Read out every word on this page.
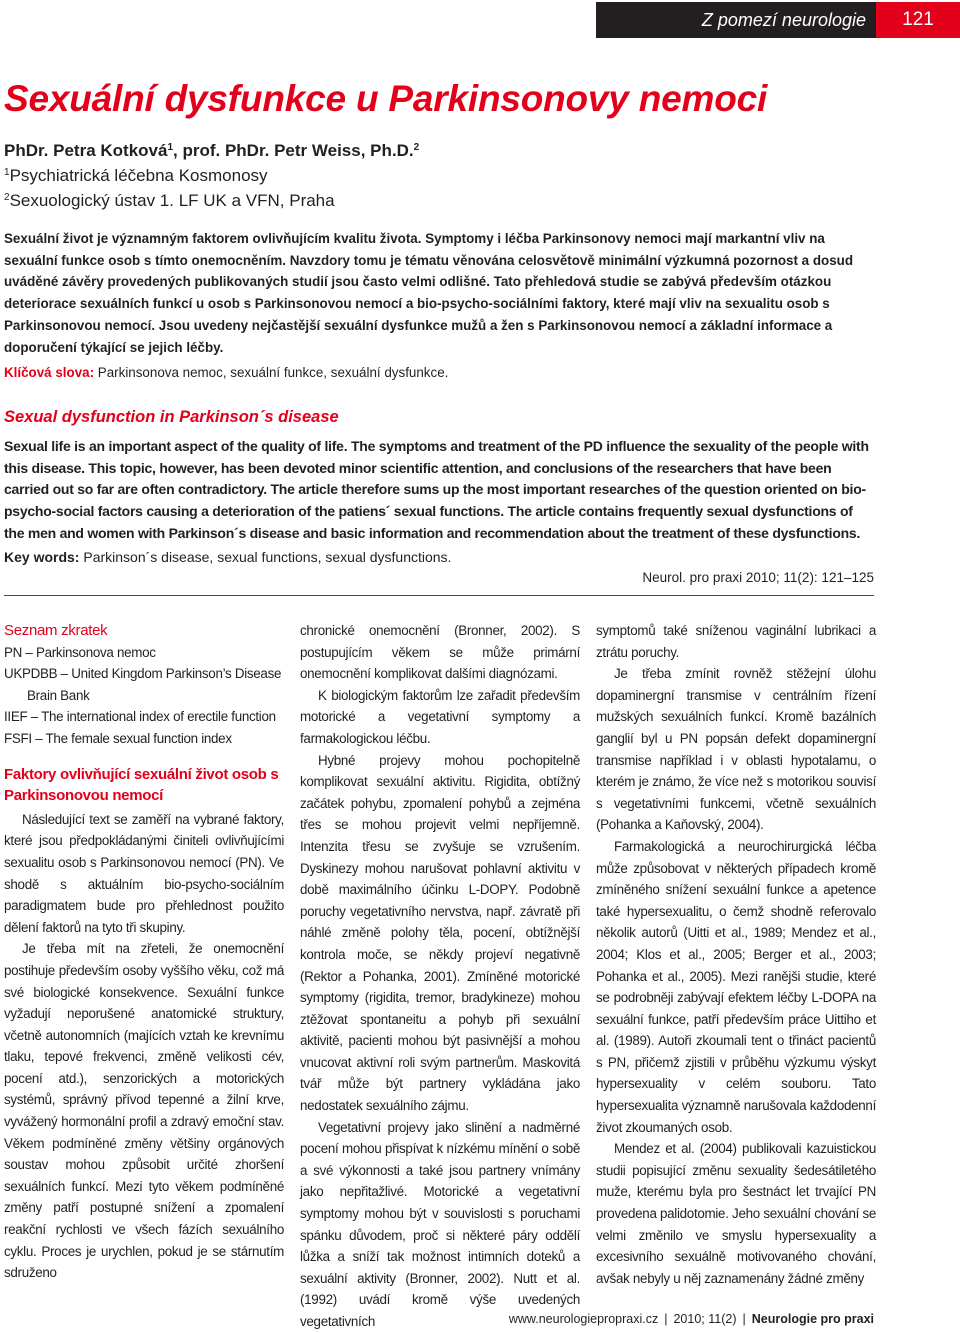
Z pomezí neurologie	121
Sexuální dysfunkce u Parkinsonovy nemoci
PhDr. Petra Kotková$^1$, prof. PhDr. Petr Weiss, Ph.D.$^2$
$^1$Psychiatrická léčebna Kosmonosy
$^2$Sexuologický ústav 1. LF UK a VFN, Praha
Sexuální život je významným faktorem ovlivňujícím kvalitu života. Symptomy i léčba Parkinsonovy nemoci mají markantní vliv na sexuální funkce osob s tímto onemocněním. Navzdory tomu je tématu věnována celosvětově minimální výzkumná pozornost a dosud uváděné závěry provedených publikovaných studií jsou často velmi odlišné. Tato přehledová studie se zabývá především otázkou deteriorace sexuálních funkcí u osob s Parkinsonovou nemocí a bio-psycho-sociálními faktory, které mají vliv na sexualitu osob s Parkinsonovou nemocí. Jsou uvedeny nejčastější sexuální dysfunkce mužů a žen s Parkinsonovou nemocí a základní informace a doporučení týkající se jejich léčby.
Klíčová slova: Parkinsonova nemoc, sexuální funkce, sexuální dysfunkce.
Sexual dysfunction in Parkinson´s disease
Sexual life is an important aspect of the quality of life. The symptoms and treatment of the PD influence the sexuality of the people with this disease. This topic, however, has been devoted minor scientific attention, and conclusions of the researchers that have been carried out so far are often contradictory. The article therefore sums up the most important researches of the question oriented on bio-psycho-social factors causing a deterioration of the patiens´ sexual functions. The article contains frequently sexual dysfunctions of the men and women with Parkinson´s disease and basic information and recommendation about the treatment of these dysfunctions.
Key words: Parkinson´s disease, sexual functions, sexual dysfunctions.
Neurol. pro praxi 2010; 11(2): 121–125
Seznam zkratek
PN – Parkinsonova nemoc
UKPDBB – United Kingdom Parkinson’s Disease Brain Bank
IIEF – The international index of erectile function
FSFI – The female sexual function index
Faktory ovlivňující sexuální život osob s Parkinsonovou nemocí

Následující text se zaměří na vybrané faktory, které jsou předpokládanými činiteli ovlivňujícími sexualitu osob s Parkinsonovou nemocí (PN). Ve shodě s aktuálním bio-psycho-sociálním paradigmatem bude pro přehlednost použito dělení faktorů na tyto tři skupiny.

Je třeba mít na zřeteli, že onemocnění postihuje především osoby vyššího věku, což má své biologické konsekvence. Sexuální funkce vyžadují neporušené anatomické struktury, včetně autonomních (majících vztah ke krevnímu tlaku, tepové frekvenci, změně velikosti cév, pocení atd.), senzorických a motorických systémů, správný přívod tepenné a žilní krve, vyvážený hormonální profil a zdravý emoční stav. Věkem podmíněné změny většiny orgánových soustav mohou způsobit určité zhoršení sexuálních funkcí. Mezi tyto věkem podmíněné změny patří postupné snížení a zpomalení reakční rychlosti ve všech fázích sexuálního cyklu. Proces je urychlen, pokud je se stárnutím sdruženo

chronické onemocnění (Bronner, 2002). S postupujícím věkem se může primární onemocnění komplikovat dalšími diagnózami.

K biologickým faktorům lze zařadit především motorické a vegetativní symptomy a farmakologickou léčbu.

Hybné projevy mohou pochopitelně komplikovat sexuální aktivitu. Rigidita, obtížný začátek pohybu, zpomalení pohybů a zejména třes se mohou projevit velmi nepříjemně. Intenzita třesu se zvyšuje se vzrušením. Dyskinezy mohou narušovat pohlavní aktivitu v době maximálního účinku L-DOPY. Podobně poruchy vegetativního nervstva, např. závratě při náhlé změně polohy těla, pocení, obtížnější kontrola moče, se někdy projeví negativně (Rektor a Pohanka, 2001). Zmíněné motorické symptomy (rigidita, tremor, bradykineze) mohou ztěžovat spontaneitu a pohyb při sexuální aktivitě, pacienti mohou být pasivnější a mohou vnucovat aktivní roli svým partnerům. Maskovitá tvář může být partnery vykládána jako nedostatek sexuálního zájmu.

Vegetativní projevy jako slinění a nadměrné pocení mohou přispívat k nízkému mínění o sobě a své výkonnosti a také jsou partnery vnímány jako nepřitažlivé. Motorické a vegetativní symptomy mohou být v souvislosti s poruchami spánku důvodem, proč si některé páry oddělí lůžka a sníží tak možnost intimních doteků a sexuální aktivity (Bronner, 2002). Nutt et al. (1992) uvádí kromě výše uvedených vegetativních

symptomů také sníženou vaginální lubrikaci a ztrátu poruchy.

Je třeba zmínit rovněž stěžejní úlohu dopaminergní transmise v centrálním řízení mužských sexuálních funkcí. Kromě bazálních ganglií byl u PN popsán defekt dopaminergní transmise například i v oblasti hypotalamu, o kterém je známo, že více než s motorikou souvisí s vegetativními funkcemi, včetně sexuálních (Pohanka a Kaňovský, 2004).

Farmakologická a neurochirurgická léčba může způsobovat v některých případech kromě zmíněného snížení sexuální funkce a apetence také hypersexualitu, o čemž shodně referovalo několik autorů (Uitti et al., 1989; Mendez et al., 2004; Klos et al., 2005; Berger et al., 2003; Pohanka et al., 2005). Mezi ranějši studie, které se podrobněji zabývají efektem léčby L-DOPA na sexuální funkce, patří především práce Uittiho et al. (1989). Autoři zkoumali tent o třináct pacientů s PN, přičemž zjistili v průběhu výzkumu výskyt hypersexuality v celém souboru. Tato hypersexualita významně narušovala každodenní život zkoumaných osob.

Mendez et al. (2004) publikovali kazuistickou studii popisující změnu sexuality šedesátiletého muže, kterému byla pro šestnáct let trvající PN provedena palidotomie. Jeho sexuální chování se velmi změnilo ve smyslu hypersexuality a excesivního sexuálně motivovaného chování, avšak nebyly u něj zaznamenány žádné změny

www.neurologiepropraxi.cz | 2010; 11(2) | Neurologie pro praxi
